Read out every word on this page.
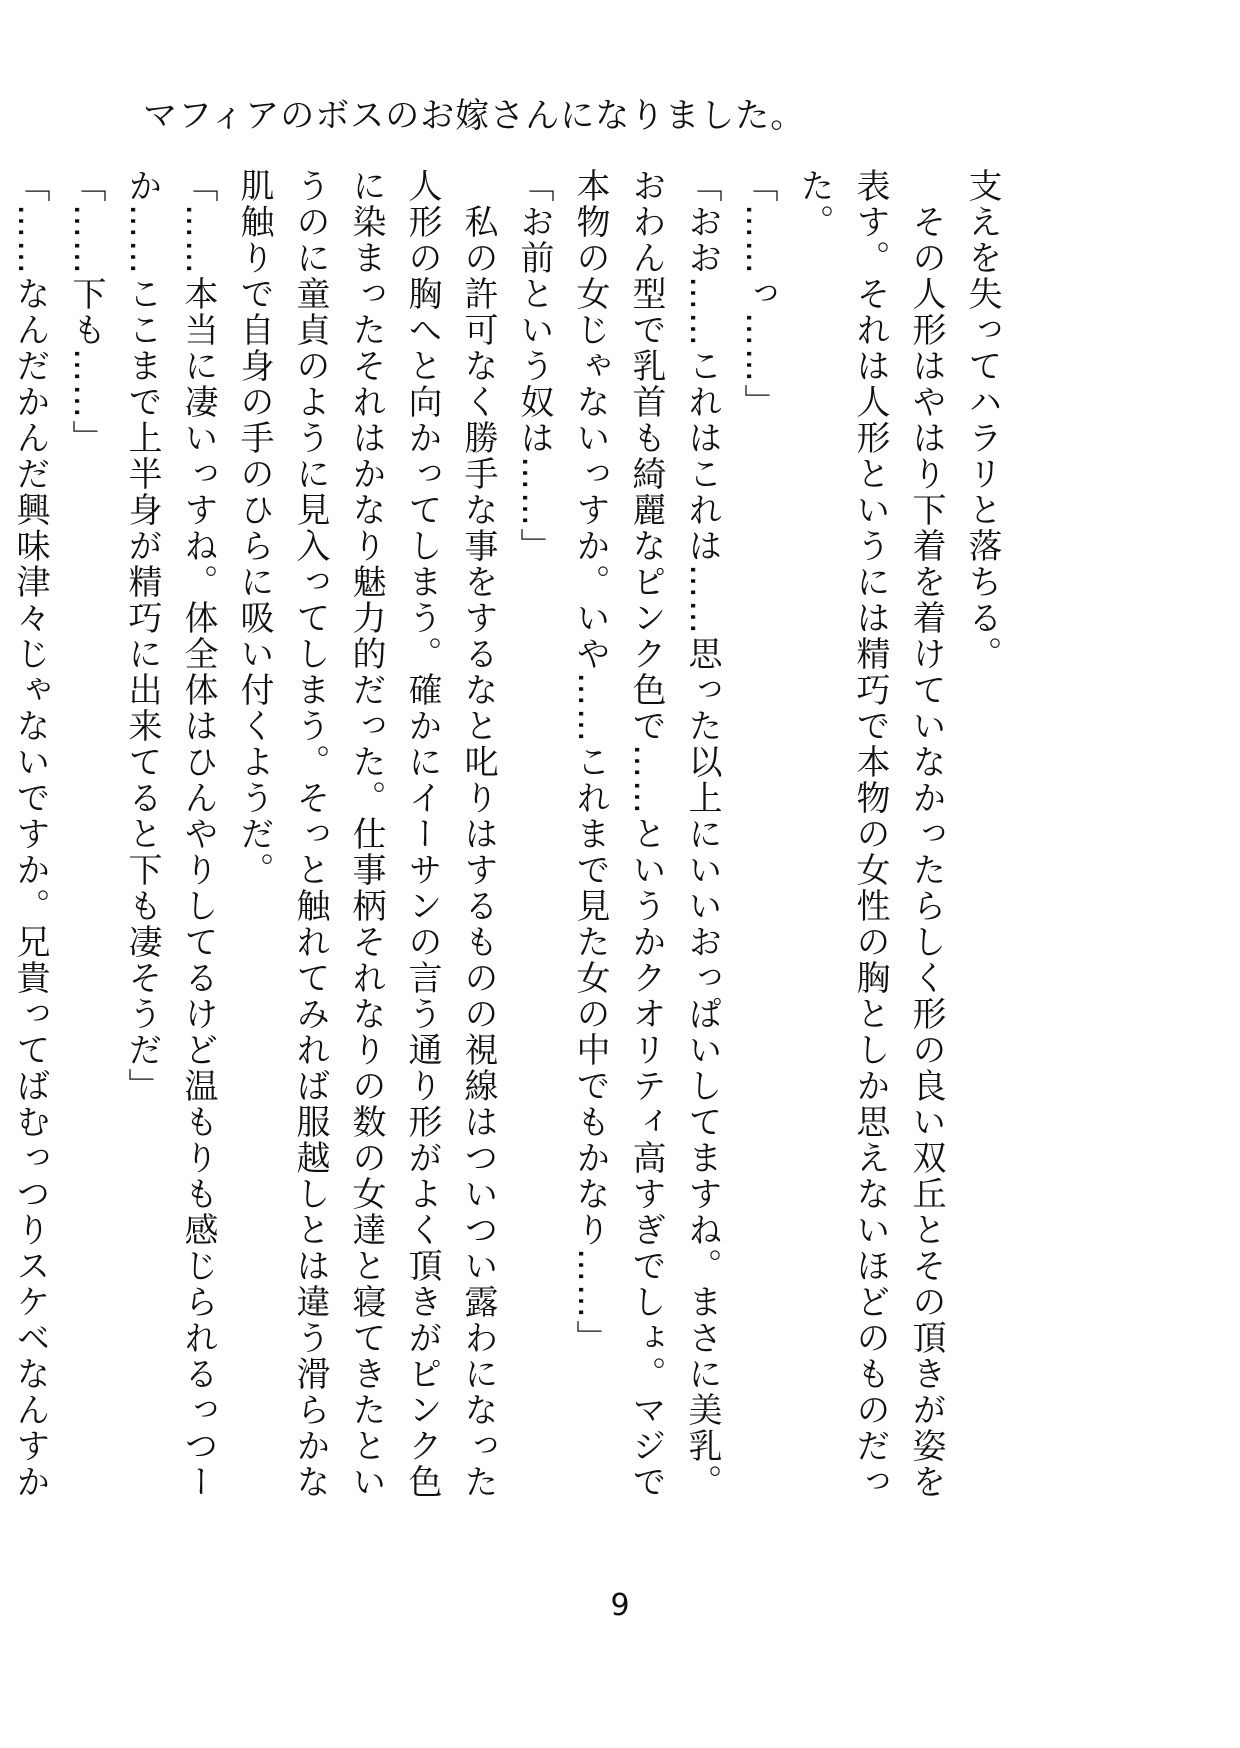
マフィアのボスのお嫁さんになりました。

支えを失ってハラリと落ちる。

　その人形はやはり下着を着けていなかったらしく形の良い双丘とその頂きが姿を表す。それは人形というには精巧で本物の女性の胸としか思えないほどのものだった。

「……っ……」

「おお……これはこれは……思った以上にいいおっぱいしてますね。まさに美乳。おわん型で乳首も綺麗なピンク色で……というかクオリティ高すぎでしょ。マジで本物の女じゃないっすか。いや……これまで見た女の中でもかなり……」

「お前という奴は……」

　私の許可なく勝手な事をするなと叱りはするものの視線はついつい露わになった人形の胸へと向かってしまう。確かにイーサンの言う通り形がよく頂きがピンク色に染まったそれはかなり魅力的だった。仕事柄それなりの数の女達と寝てきたというのに童貞のように見入ってしまう。そっと触れてみれば服越しとは違う滑らかな肌触りで自身の手のひらに吸い付くようだ。

「……本当に凄いっすね。体全体はひんやりしてるけど温もりも感じられるっつーか……ここまで上半身が精巧に出来てると下も凄そうだ」

「……下も……」

「……なんだかんだ興味津々じゃないですか。兄貴ってばむっつりスケベなんすか

9
